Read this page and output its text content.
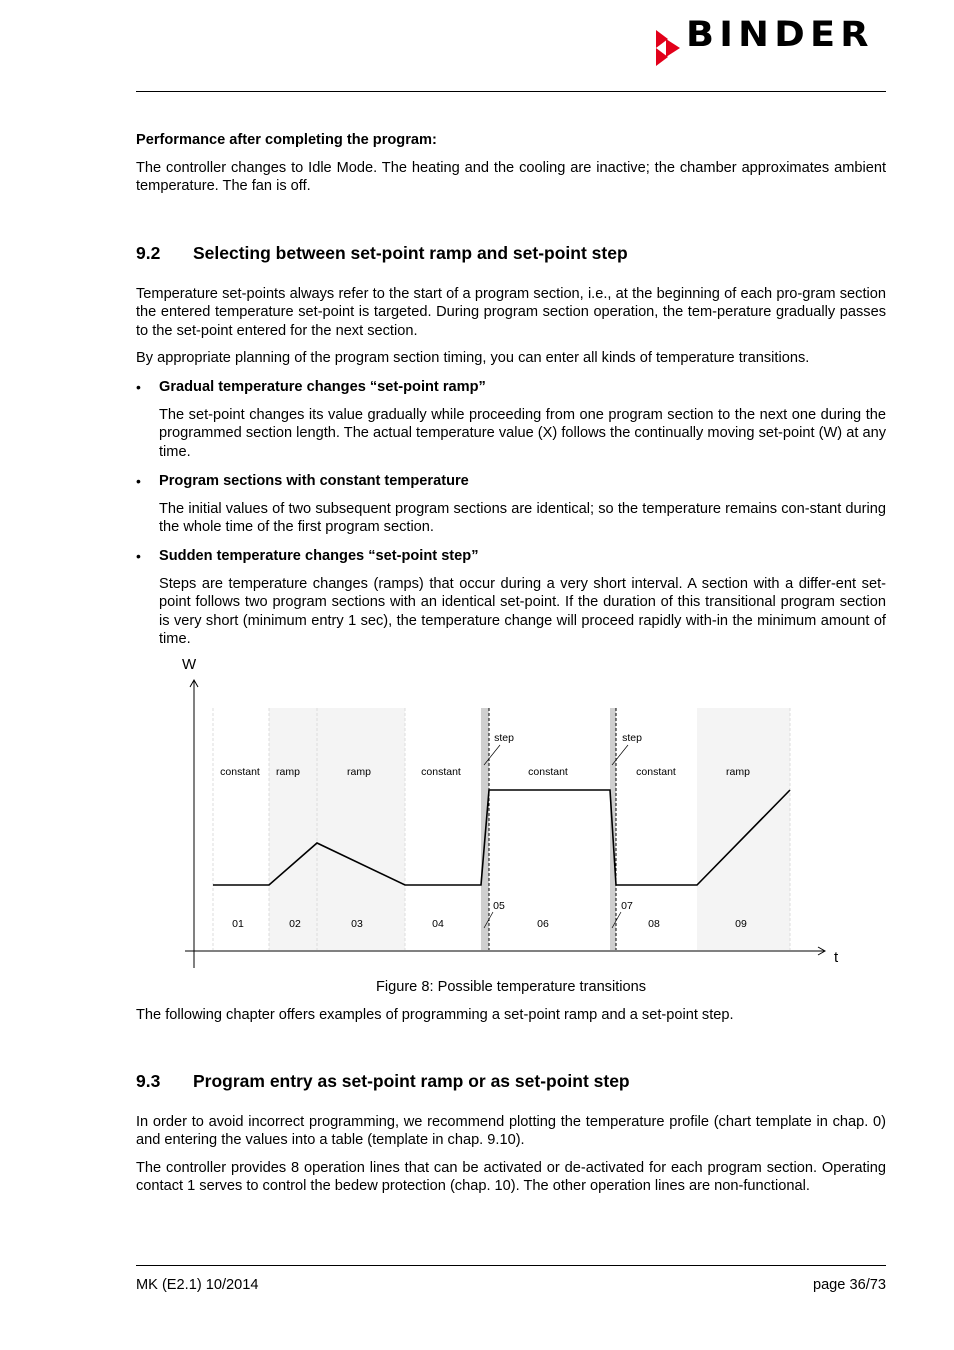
BINDER

Performance after completing the program:

The controller changes to Idle Mode. The heating and the cooling are inactive; the chamber approximates ambient temperature. The fan is off.

9.2 Selecting between set-point ramp and set-point step

Temperature set-points always refer to the start of a program section, i.e., at the beginning of each pro-gram section the entered temperature set-point is targeted. During program section operation, the tem-perature gradually passes to the set-point entered for the next section.

By appropriate planning of the program section timing, you can enter all kinds of temperature transitions.

• Gradual temperature changes “set-point ramp”

The set-point changes its value gradually while proceeding from one program section to the next one during the programmed section length. The actual temperature value (X) follows the continually moving set-point (W) at any time.

• Program sections with constant temperature

The initial values of two subsequent program sections are identical; so the temperature remains con-stant during the whole time of the first program section.

• Sudden temperature changes “set-point step”

Steps are temperature changes (ramps) that occur during a very short interval. A section with a differ-ent set-point follows two program sections with an identical set-point. If the duration of this transitional program section is very short (minimum entry 1 sec), the temperature change will proceed rapidly with-in the minimum amount of time.

W
t
constant ramp	ramp	constant
step
constant
step
constant	ramp
01	02	03	04
05
06
07
08	09

Figure 8: Possible temperature transitions

The following chapter offers examples of programming a set-point ramp and a set-point step.

9.3 Program entry as set-point ramp or as set-point step

In order to avoid incorrect programming, we recommend plotting the temperature profile (chart template in chap. 0) and entering the values into a table (template in chap. 9.10).

The controller provides 8 operation lines that can be activated or de-activated for each program section. Operating contact 1 serves to control the bedew protection (chap. 10). The other operation lines are non-functional.

MK (E2.1) 10/2014	page 36/73
